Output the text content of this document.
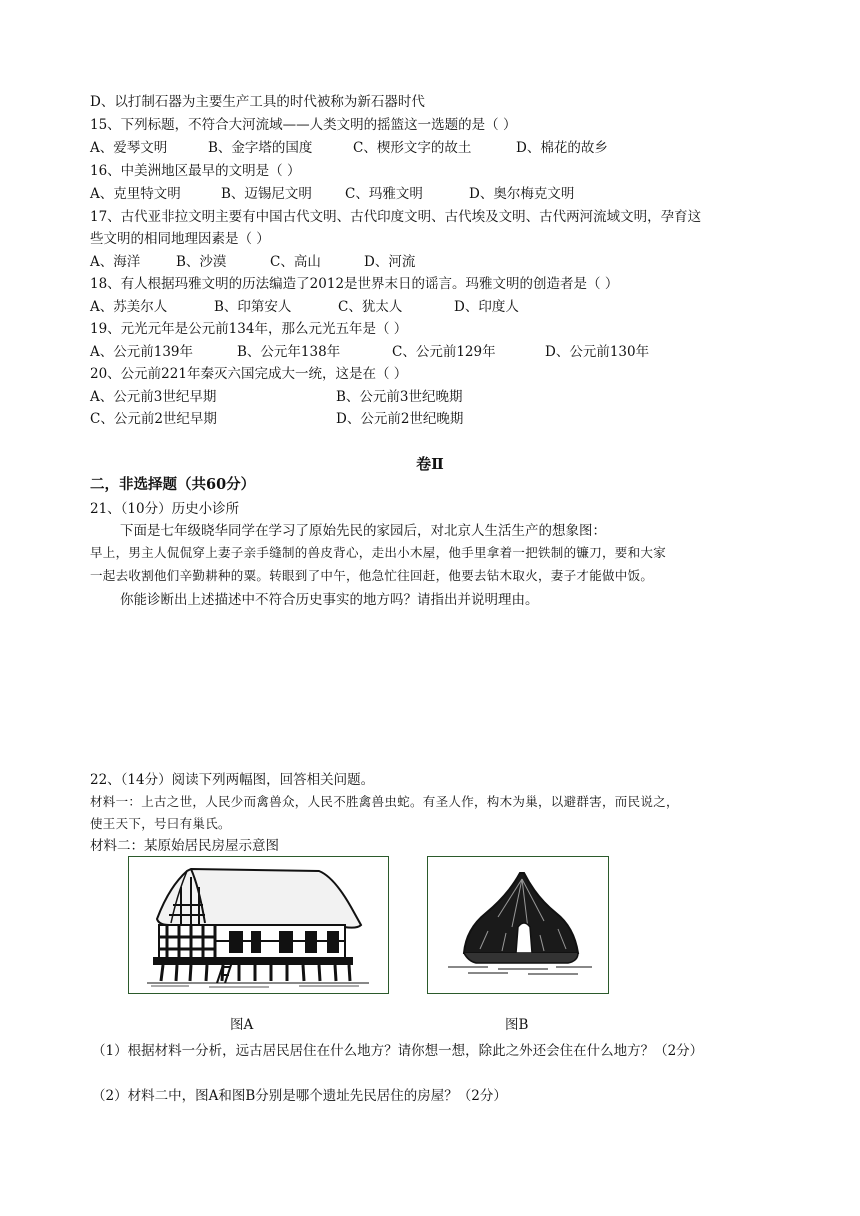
D、以打制石器为主要生产工具的时代被称为新石器时代
15、下列标题，不符合大河流域——人类文明的摇篮这一选题的是（ ）
A、爱琴文明	B、金字塔的国度	C、楔形文字的故土	D、棉花的故乡
16、中美洲地区最早的文明是（ ）
A、克里特文明	B、迈锡尼文明 C、玛雅文明	D、奥尔梅克文明
17、古代亚非拉文明主要有中国古代文明、古代印度文明、古代埃及文明、古代两河流域文明，孕育这
些文明的相同地理因素是（ ）
A、海洋	B、沙漠	C、高山	D、河流
18、有人根据玛雅文明的历法编造了2012是世界末日的谣言。玛雅文明的创造者是（ ）
A、苏美尔人	B、印第安人	C、犹太人	D、印度人
19、元光元年是公元前134年，那么元光五年是（ ）
A、公元前139年	B、公元年138年	C、公元前129年	D、公元前130年
20、公元前221年秦灭六国完成大一统，这是在（ ）
A、公元前3世纪早期	B、公元前3世纪晚期
C、公元前2世纪早期	D、公元前2世纪晚期
卷Ⅱ
二，非选择题（共60分）
21、（10分）历史小诊所
下面是七年级晓华同学在学习了原始先民的家园后，对北京人生活生产的想象图：
早上，男主人侃侃穿上妻子亲手缝制的兽皮背心，走出小木屋，他手里拿着一把铁制的镰刀，要和大家
一起去收割他们辛勤耕种的粟。转眼到了中午，他急忙往回赶，他要去钻木取火，妻子才能做中饭。
你能诊断出上述描述中不符合历史事实的地方吗？请指出并说明理由。
22、（14分）阅读下列两幅图，回答相关问题。
材料一：上古之世，人民少而禽兽众，人民不胜禽兽虫蛇。有圣人作，构木为巢，以避群害，而民说之，
使王天下，号曰有巢氏。
材料二：某原始居民房屋示意图
图A	图B
（1）根据材料一分析，远古居民居住在什么地方？请你想一想，除此之外还会住在什么地方？（2分）
（2）材料二中，图A和图B分别是哪个遗址先民居住的房屋？（2分）
